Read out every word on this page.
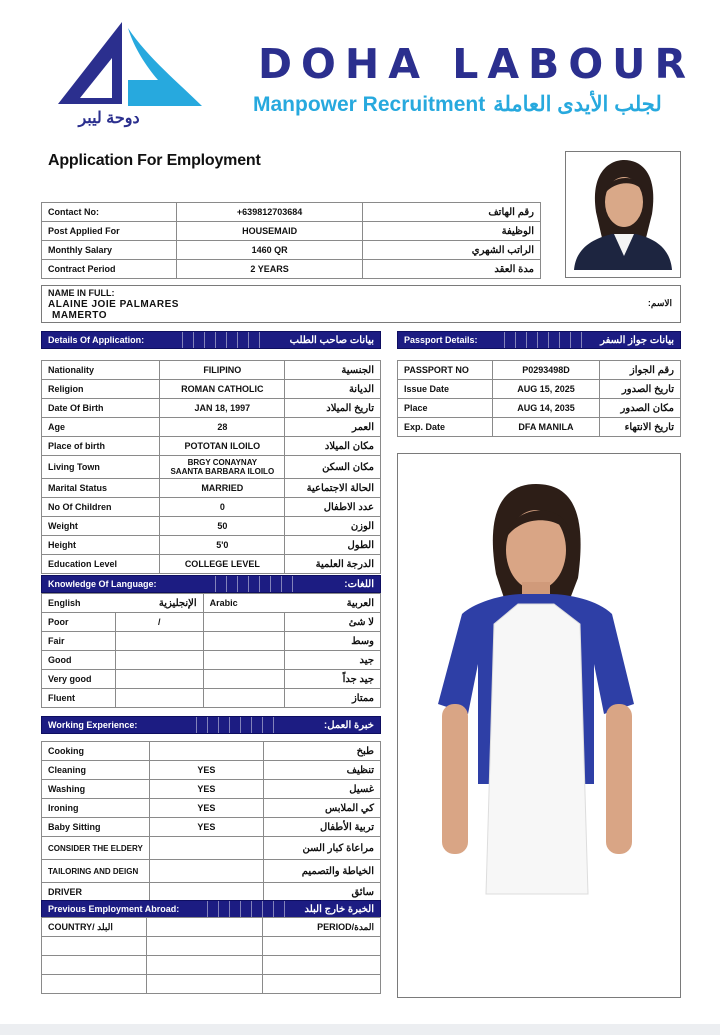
دوحة ليبر
DOHA LABOUR
Manpower Recruitment لجلب الأيدى العاملة
Application For Employment
Contact No:	+639812703684	رقم الهاتف
Post Applied For	HOUSEMAID	الوظيفة
Monthly Salary	1460 QR	الراتب الشهري
Contract Period	2 YEARS	مدة العقد
NAME IN FULL:
ALAINE JOIE PALMARES
MAMERTO
الاسم:
Details Of Application:	بيانات صاحب الطلب	Passport Details:	بيانات جواز السفر
Nationality	FILIPINO	الجنسية
Religion	ROMAN CATHOLIC	الديانة
Date Of Birth	JAN 18, 1997	تاريخ الميلاد
Age	28	العمر
Place of birth	POTOTAN ILOILO	مكان الميلاد
Living Town	BRGY CONAYNAY
SAANTA BARBARA ILOILO	مكان السكن
Marital Status	MARRIED	الحالة الاجتماعية
No Of Children	0	عدد الاطفال
Weight	50	الوزن
Height	5'0	الطول
Education Level	COLLEGE LEVEL	الدرجة العلمية
PASSPORT NO	P0293498D	رقم الجواز
Issue Date	AUG 15, 2025	تاريخ الصدور
Place	AUG 14, 2035	مكان الصدور
Exp. Date	DFA MANILA	تاريخ الانتهاء
Knowledge Of Language:	اللغات:
English	الإنجليزية	Arabic	العربية
Poor	/		لا شئ
Fair			وسط
Good			جيد
Very good			جيد جداً
Fluent			ممتاز
Working Experience:	خبرة العمل:
Cooking		طبخ
Cleaning	YES	تنظيف
Washing	YES	غسيل
Ironing	YES	كي الملابس
Baby Sitting	YES	تربية الأطفال
CONSIDER THE ELDERY		مراعاة كبار السن
TAILORING AND DEIGN		الخياطة والتصميم
DRIVER		سائق
Previous Employment Abroad:	الخبرة خارج البلد
COUNTRY/ البلد		PERIOD/المدة
